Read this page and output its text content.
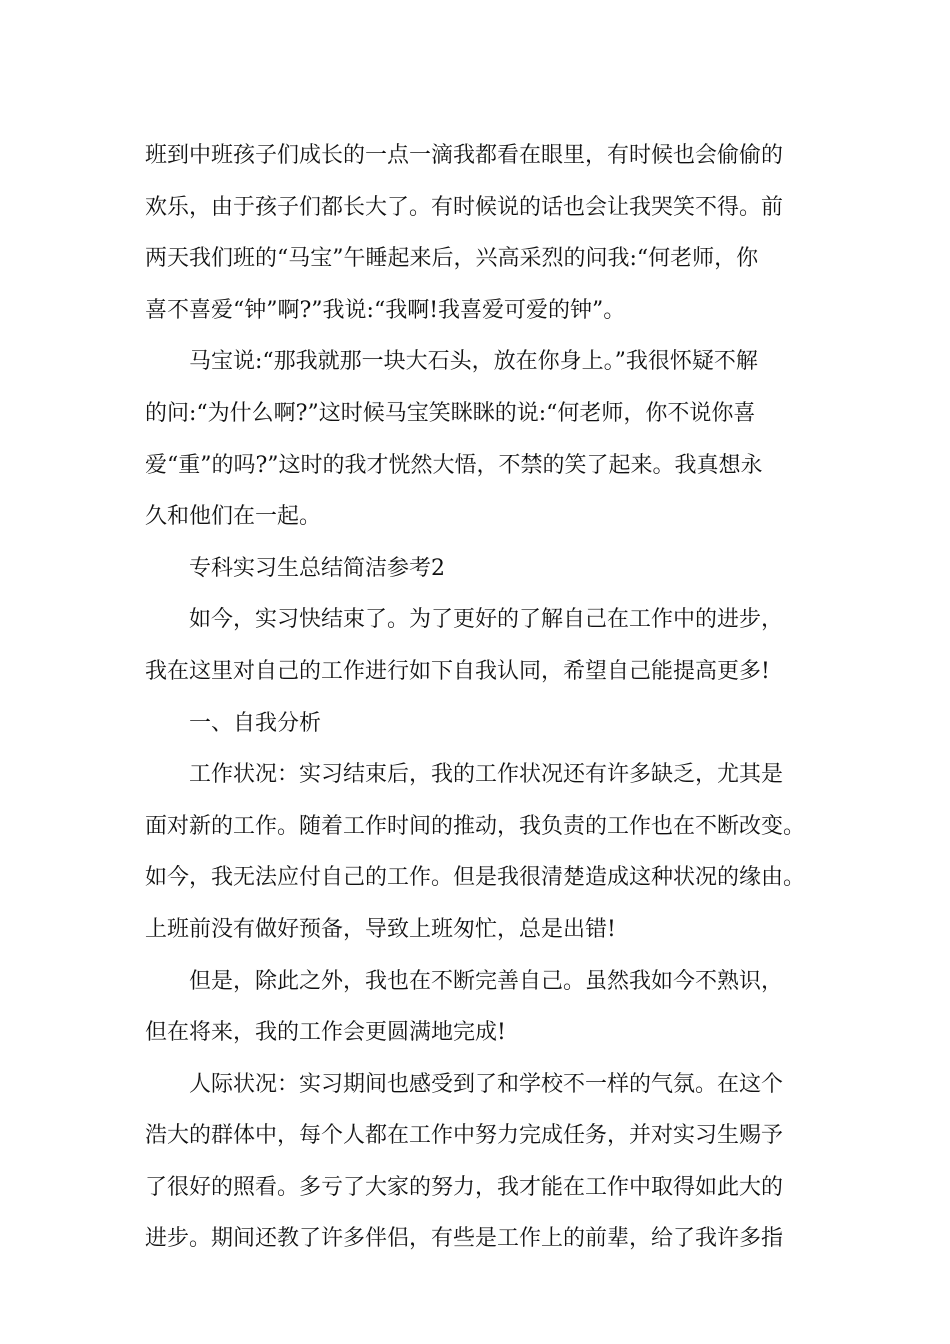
班到中班孩子们成长的一点一滴我都看在眼里，有时候也会偷偷的
欢乐，由于孩子们都长大了。有时候说的话也会让我哭笑不得。前
两天我们班的“马宝”午睡起来后，兴高采烈的问我:“何老师，你
喜不喜爱“钟”啊?”我说:“我啊!我喜爱可爱的钟”。
马宝说:“那我就那一块大石头，放在你身上。”我很怀疑不解
的问:“为什么啊?”这时候马宝笑眯眯的说:“何老师，你不说你喜
爱“重”的吗?”这时的我才恍然大悟，不禁的笑了起来。我真想永
久和他们在一起。
专科实习生总结简洁参考2
如今，实习快结束了。为了更好的了解自己在工作中的进步，
我在这里对自己的工作进行如下自我认同，希望自己能提高更多!
一、自我分析
工作状况：实习结束后，我的工作状况还有许多缺乏，尤其是
面对新的工作。随着工作时间的推动，我负责的工作也在不断改变。
如今，我无法应付自己的工作。但是我很清楚造成这种状况的缘由。
上班前没有做好预备，导致上班匆忙，总是出错!
但是，除此之外，我也在不断完善自己。虽然我如今不熟识，
但在将来，我的工作会更圆满地完成!
人际状况：实习期间也感受到了和学校不一样的气氛。在这个
浩大的群体中，每个人都在工作中努力完成任务，并对实习生赐予
了很好的照看。多亏了大家的努力，我才能在工作中取得如此大的
进步。期间还教了许多伴侣，有些是工作上的前辈，给了我许多指
